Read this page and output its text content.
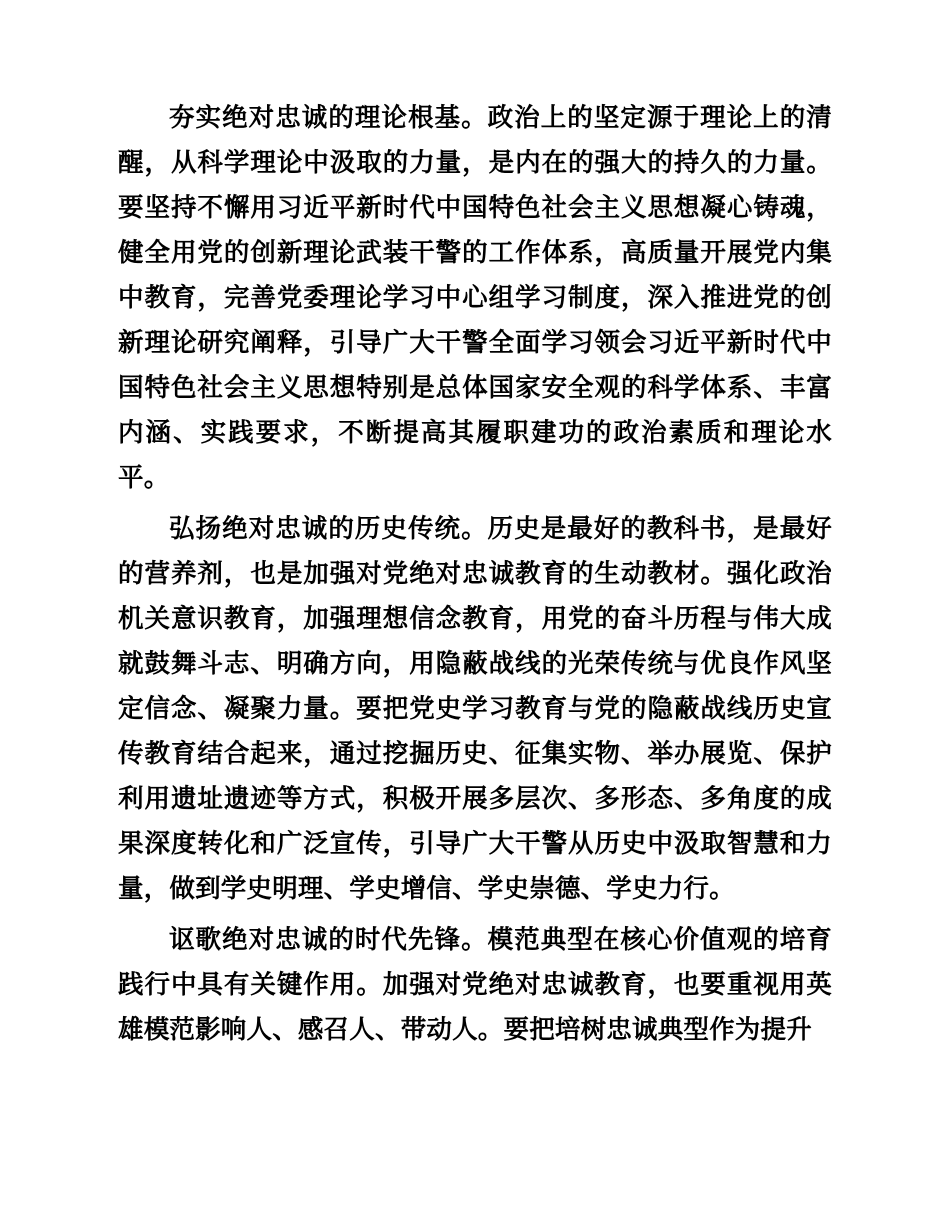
夯实绝对忠诚的理论根基。政治上的坚定源于理论上的清醒，从科学理论中汲取的力量，是内在的强大的持久的力量。要坚持不懈用习近平新时代中国特色社会主义思想凝心铸魂，健全用党的创新理论武装干警的工作体系，高质量开展党内集中教育，完善党委理论学习中心组学习制度，深入推进党的创新理论研究阐释，引导广大干警全面学习领会习近平新时代中国特色社会主义思想特别是总体国家安全观的科学体系、丰富内涵、实践要求，不断提高其履职建功的政治素质和理论水平。

弘扬绝对忠诚的历史传统。历史是最好的教科书，是最好的营养剂，也是加强对党绝对忠诚教育的生动教材。强化政治机关意识教育，加强理想信念教育，用党的奋斗历程与伟大成就鼓舞斗志、明确方向，用隐蔽战线的光荣传统与优良作风坚定信念、凝聚力量。要把党史学习教育与党的隐蔽战线历史宣传教育结合起来，通过挖掘历史、征集实物、举办展览、保护利用遗址遗迹等方式，积极开展多层次、多形态、多角度的成果深度转化和广泛宣传，引导广大干警从历史中汲取智慧和力量，做到学史明理、学史增信、学史崇德、学史力行。

讴歌绝对忠诚的时代先锋。模范典型在核心价值观的培育践行中具有关键作用。加强对党绝对忠诚教育，也要重视用英雄模范影响人、感召人、带动人。要把培树忠诚典型作为提升
